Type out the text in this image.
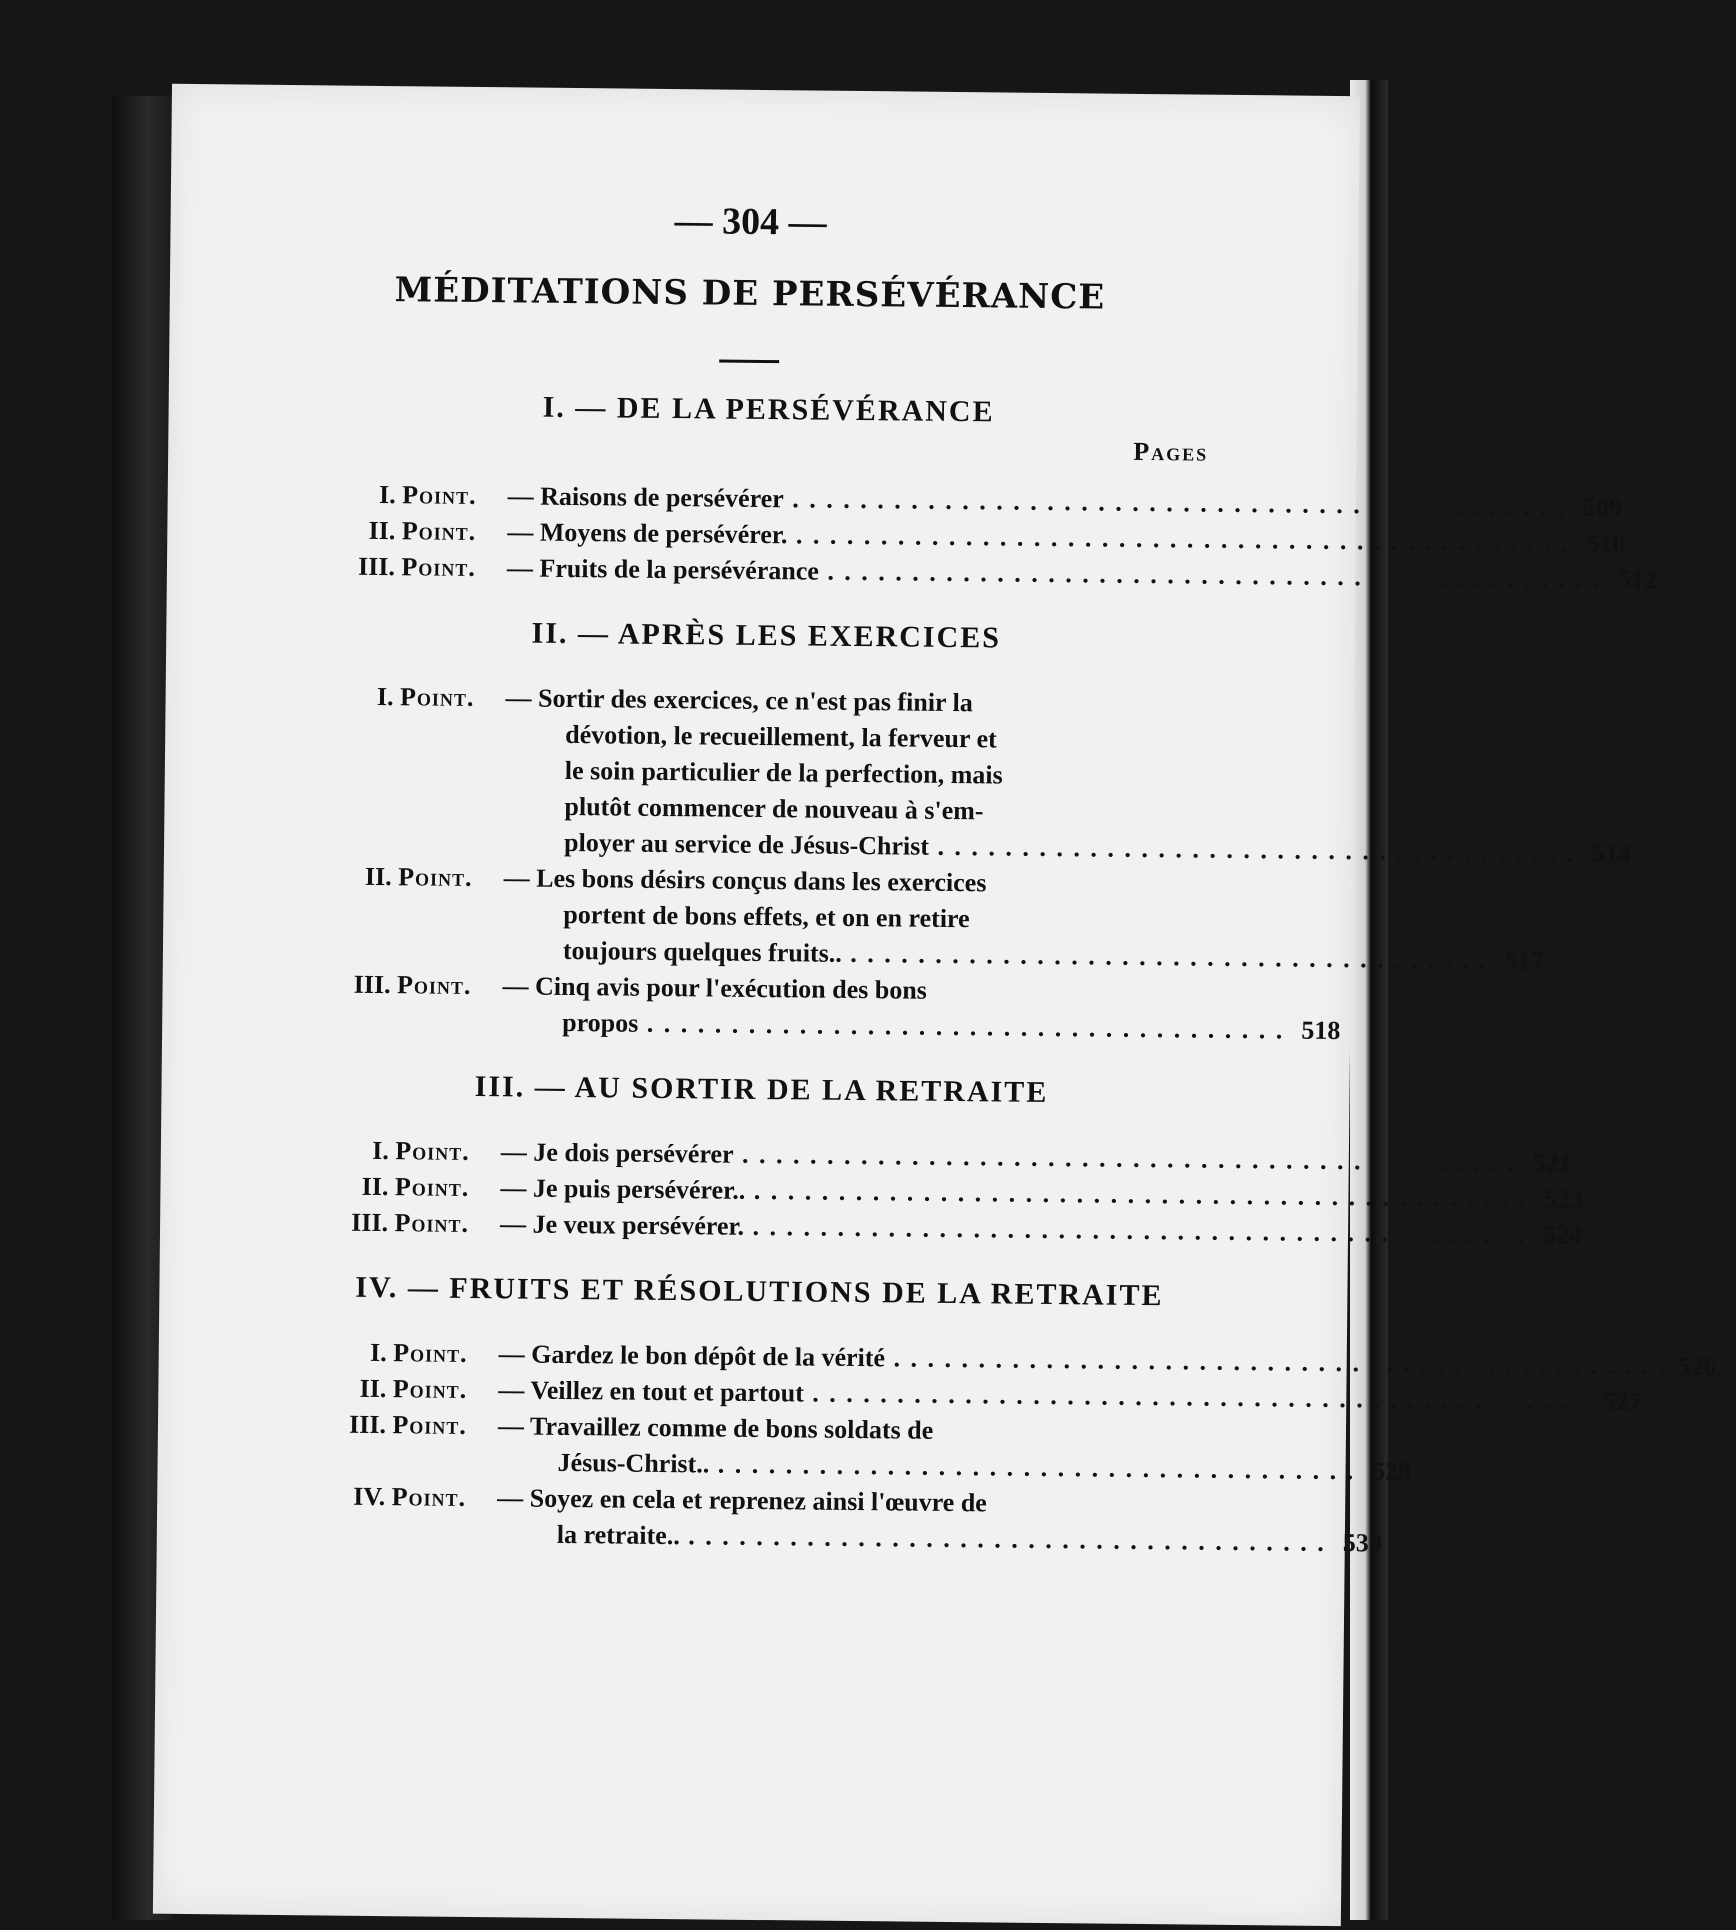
— 304 —
MÉDITATIONS DE PERSÉVÉRANCE
I. — DE LA PERSÉVÉRANCE
Pages
I. Point.	— Raisons de persévérer . . .	509
II. Point.	— Moyens de persévérer. . . .	510
III. Point.	— Fruits de la persévérance . . .	512
II. — APRÈS LES EXERCICES
I. Point.	— Sortir des exercices, ce n'est pas finir la
dévotion, le recueillement, la ferveur et
le soin particulier de la perfection, mais
plutôt commencer de nouveau à s'em-
ployer au service de Jésus-Christ . . .	514
II. Point.	— Les bons désirs conçus dans les exercices
portent de bons effets, et on en retire
toujours quelques fruits.. . . .	517
III. Point.	— Cinq avis pour l'exécution des bons
propos . . .	518
III. — AU SORTIR DE LA RETRAITE
I. Point.	— Je dois persévérer . . .	521
II. Point.	— Je puis persévérer.. . . .	523
III. Point.	— Je veux persévérer. . . .	524
IV. — FRUITS ET RÉSOLUTIONS DE LA RETRAITE
I. Point.	— Gardez le bon dépôt de la vérité . . .	526.
II. Point.	— Veillez en tout et partout . . .	527
III. Point.	— Travaillez comme de bons soldats de
Jésus-Christ.. . . .	528
IV. Point.	— Soyez en cela et reprenez ainsi l'œuvre de
la retraite.. . . .	530
